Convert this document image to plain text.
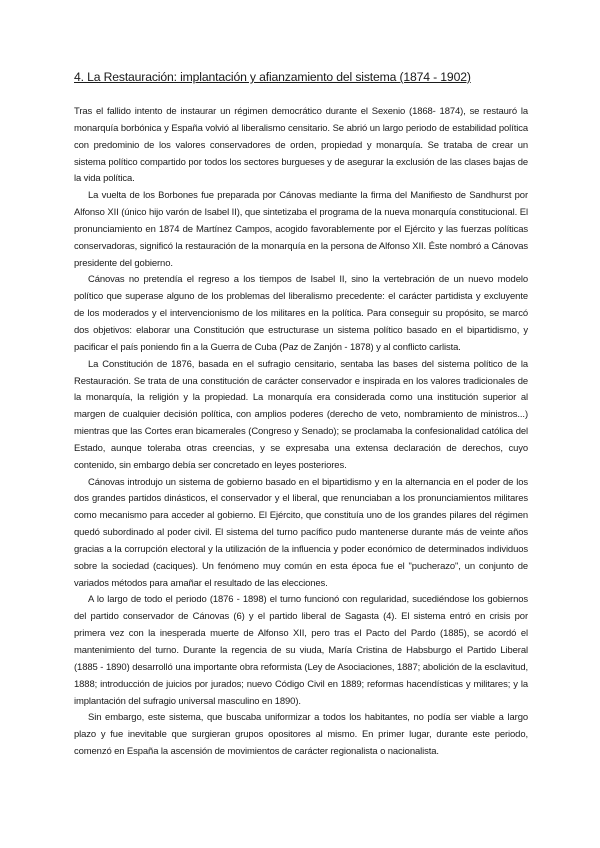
4. La Restauración: implantación y afianzamiento del sistema (1874 - 1902)

Tras el fallido intento de instaurar un régimen democrático durante el Sexenio (1868- 1874), se restauró la monarquía borbónica y España volvió al liberalismo censitario. Se abrió un largo periodo de estabilidad política con predominio de los valores conservadores de orden, propiedad y monarquía. Se trataba de crear un sistema político compartido por todos los sectores burgueses y de asegurar la exclusión de las clases bajas de la vida política.

La vuelta de los Borbones fue preparada por Cánovas mediante la firma del Manifiesto de Sandhurst por Alfonso XII (único hijo varón de Isabel II), que sintetizaba el programa de la nueva monarquía constitucional. El pronunciamiento en 1874 de Martínez Campos, acogido favorablemente por el Ejército y las fuerzas políticas conservadoras, significó la restauración de la monarquía en la persona de Alfonso XII. Éste nombró a Cánovas presidente del gobierno.

Cánovas no pretendía el regreso a los tiempos de Isabel II, sino la vertebración de un nuevo modelo político que superase alguno de los problemas del liberalismo precedente: el carácter partidista y excluyente de los moderados y el intervencionismo de los militares en la política. Para conseguir su propósito, se marcó dos objetivos: elaborar una Constitución que estructurase un sistema político basado en el bipartidismo, y pacificar el país poniendo fin a la Guerra de Cuba (Paz de Zanjón - 1878) y al conflicto carlista.

La Constitución de 1876, basada en el sufragio censitario, sentaba las bases del sistema político de la Restauración. Se trata de una constitución de carácter conservador e inspirada en los valores tradicionales de la monarquía, la religión y la propiedad. La monarquía era considerada como una institución superior al margen de cualquier decisión política, con amplios poderes (derecho de veto, nombramiento de ministros...) mientras que las Cortes eran bicamerales (Congreso y Senado); se proclamaba la confesionalidad católica del Estado, aunque toleraba otras creencias, y se expresaba una extensa declaración de derechos, cuyo contenido, sin embargo debía ser concretado en leyes posteriores.

Cánovas introdujo un sistema de gobierno basado en el bipartidismo y en la alternancia en el poder de los dos grandes partidos dinásticos, el conservador y el liberal, que renunciaban a los pronunciamientos militares como mecanismo para acceder al gobierno. El Ejército, que constituía uno de los grandes pilares del régimen quedó subordinado al poder civil. El sistema del turno pacífico pudo mantenerse durante más de veinte años gracias a la corrupción electoral y la utilización de la influencia y poder económico de determinados individuos sobre la sociedad (caciques). Un fenómeno muy común en esta época fue el "pucherazo", un conjunto de variados métodos para amañar el resultado de las elecciones.

A lo largo de todo el periodo (1876 - 1898) el turno funcionó con regularidad, sucediéndose los gobiernos del partido conservador de Cánovas (6) y el partido liberal de Sagasta (4). El sistema entró en crisis por primera vez con la inesperada muerte de Alfonso XII, pero tras el Pacto del Pardo (1885), se acordó el mantenimiento del turno. Durante la regencia de su viuda, María Cristina de Habsburgo el Partido Liberal (1885 - 1890) desarrolló una importante obra reformista (Ley de Asociaciones, 1887; abolición de la esclavitud, 1888; introducción de juicios por jurados; nuevo Código Civil en 1889; reformas hacendísticas y militares; y la implantación del sufragio universal masculino en 1890).

Sin embargo, este sistema, que buscaba uniformizar a todos los habitantes, no podía ser viable a largo plazo y fue inevitable que surgieran grupos opositores al mismo. En primer lugar, durante este periodo, comenzó en España la ascensión de movimientos de carácter regionalista o nacionalista.
